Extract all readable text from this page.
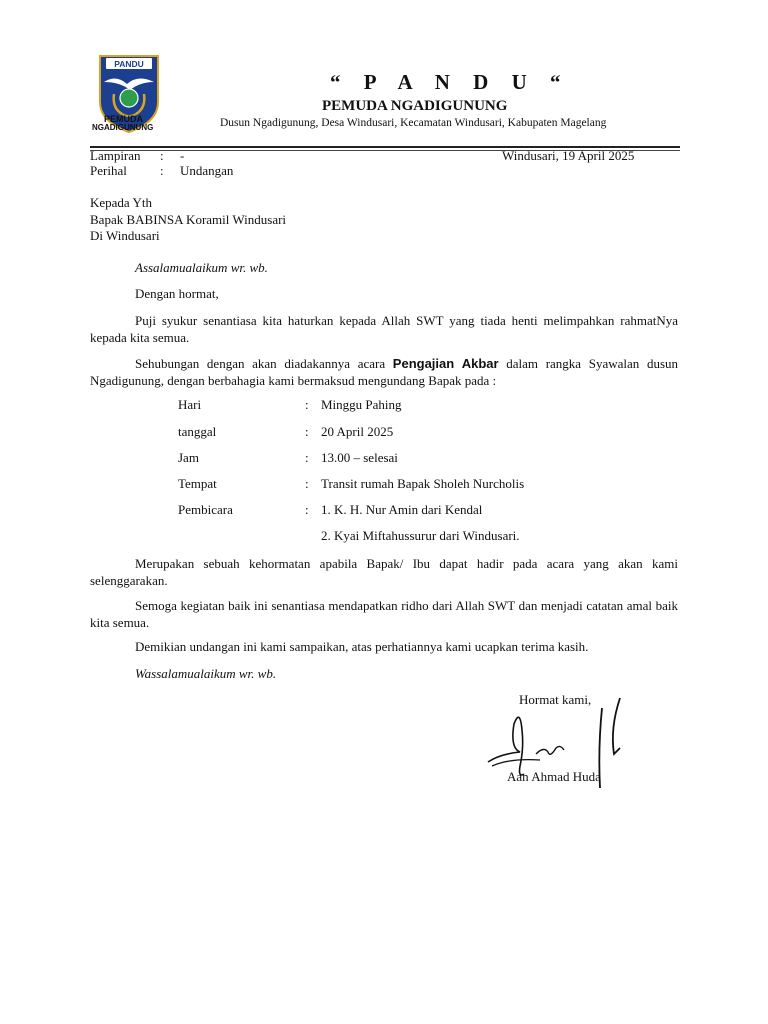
PANDU
PEMUDA
NGADIGUNUNG
“ P A N D U “
PEMUDA NGADIGUNUNG
Dusun Ngadigunung, Desa Windusari, Kecamatan Windusari, Kabupaten Magelang
Lampiran : -	Windusari, 19 April 2025
Perihal	: Undangan
Kepada Yth
Bapak BABINSA Koramil Windusari
Di Windusari
Assalamualaikum wr. wb.
Dengan hormat,
Puji syukur senantiasa kita haturkan kepada Allah SWT yang tiada henti melimpahkan rahmatNya kepada kita semua.
Sehubungan dengan akan diadakannya acara Pengajian Akbar dalam rangka Syawalan dusun Ngadigunung, dengan berbahagia kami bermaksud mengundang Bapak pada :
Hari	: Minggu Pahing
tanggal	: 20 April 2025
Jam	: 13.00 – selesai
Tempat	: Transit rumah Bapak Sholeh Nurcholis
Pembicara	: 1. K. H. Nur Amin dari Kendal
2. Kyai Miftahussurur dari Windusari.
Merupakan sebuah kehormatan apabila Bapak/ Ibu dapat hadir pada acara yang akan kami selenggarakan.
Semoga kegiatan baik ini senantiasa mendapatkan ridho dari Allah SWT dan menjadi catatan amal baik kita semua.
Demikian undangan ini kami sampaikan, atas perhatiannya kami ucapkan terima kasih.
Wassalamualaikum wr. wb.
Hormat kami,
Aan Ahmad Huda
